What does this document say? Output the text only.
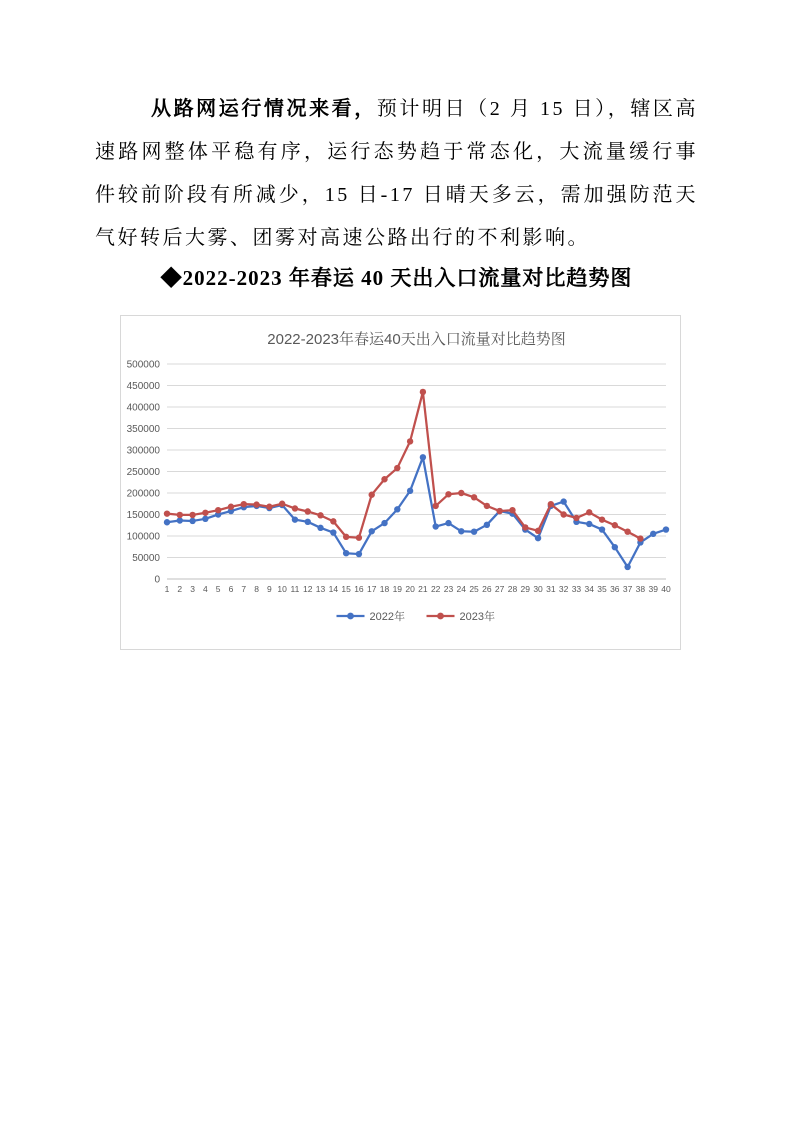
从路网运行情况来看，预计明日（2 月 15 日），辖区高速路网整体平稳有序，运行态势趋于常态化，大流量缓行事件较前阶段有所减少，15 日-17 日晴天多云，需加强防范天气好转后大雾、团雾对高速公路出行的不利影响。

◆2022-2023 年春运 40 天出入口流量对比趋势图
2022-2023年春运40天出入口流量对比趋势图
0
50000
100000
150000
200000
250000
300000
350000
400000
450000
500000
1 2 3 4 5 6 7 8 9 10 11 12 13 14 15 16 17 18 19 20 21 22 23 24 25 26 27 28 29 30 31 32 33 34 35 36 37 38 39 40
2022年	2023年
